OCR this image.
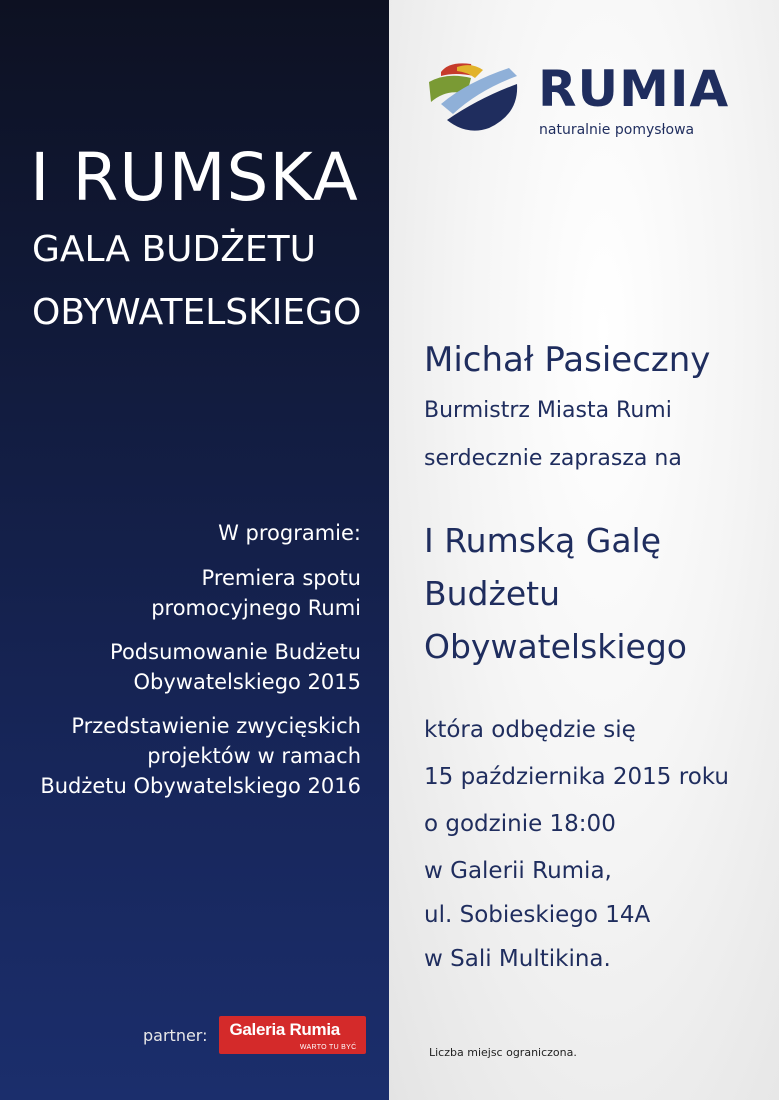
I RUMSKA
GALA BUDŻETU
OBYWATELSKIEGO

W programie:

Premiera spotu
promocyjnego Rumi

Podsumowanie Budżetu
Obywatelskiego 2015

Przedstawienie zwycięskich
projektów w ramach
Budżetu Obywatelskiego 2016

partner: Galeria Rumia
WARTO TU BYĆ
RUMIA
naturalnie pomysłowa
Michał Pasieczny

Burmistrz Miasta Rumi

serdecznie zaprasza na

I Rumską Galę
Budżetu
Obywatelskiego

która odbędzie się

15 października 2015 roku

o godzinie 18:00

w Galerii Rumia,

ul. Sobieskiego 14A

w Sali Multikina.

Liczba miejsc ograniczona.
